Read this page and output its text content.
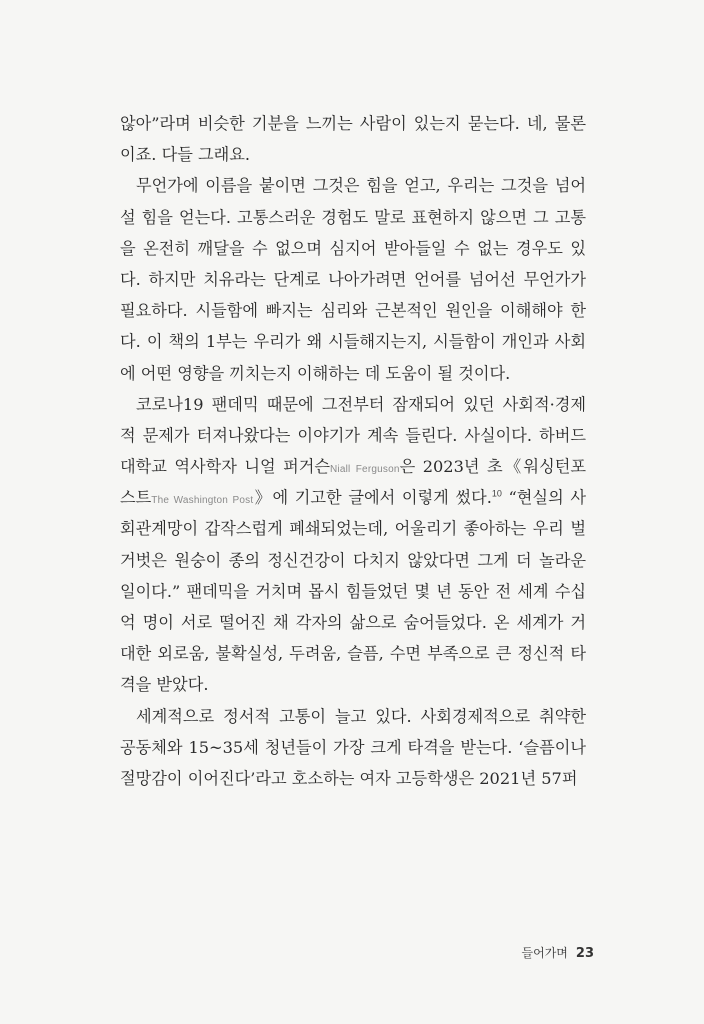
않아”라며 비슷한 기분을 느끼는 사람이 있는지 묻는다. 네, 물론
이죠. 다들 그래요.
무언가에 이름을 붙이면 그것은 힘을 얻고, 우리는 그것을 넘어
설 힘을 얻는다. 고통스러운 경험도 말로 표현하지 않으면 그 고통
을 온전히 깨달을 수 없으며 심지어 받아들일 수 없는 경우도 있
다. 하지만 치유라는 단계로 나아가려면 언어를 넘어선 무언가가
필요하다. 시들함에 빠지는 심리와 근본적인 원인을 이해해야 한
다. 이 책의 1부는 우리가 왜 시들해지는지, 시들함이 개인과 사회
에 어떤 영향을 끼치는지 이해하는 데 도움이 될 것이다.
코로나19 팬데믹 때문에 그전부터 잠재되어 있던 사회적·경제
적 문제가 터져나왔다는 이야기가 계속 들린다. 사실이다. 하버드
대학교 역사학자 니얼 퍼거슨Niall Ferguson은 2023년 초《워싱턴포
스트The Washington Post》에 기고한 글에서 이렇게 썼다.$^{10}$ “현실의 사
회관계망이 갑작스럽게 폐쇄되었는데, 어울리기 좋아하는 우리 벌
거벗은 원숭이 종의 정신건강이 다치지 않았다면 그게 더 놀라운
일이다.” 팬데믹을 거치며 몹시 힘들었던 몇 년 동안 전 세계 수십
억 명이 서로 떨어진 채 각자의 삶으로 숨어들었다. 온 세계가 거
대한 외로움, 불확실성, 두려움, 슬픔, 수면 부족으로 큰 정신적 타
격을 받았다.
세계적으로 정서적 고통이 늘고 있다. 사회경제적으로 취약한
공동체와 15~35세 청년들이 가장 크게 타격을 받는다. ‘슬픔이나
절망감이 이어진다’라고 호소하는 여자 고등학생은 2021년 57퍼
들어가며 23
